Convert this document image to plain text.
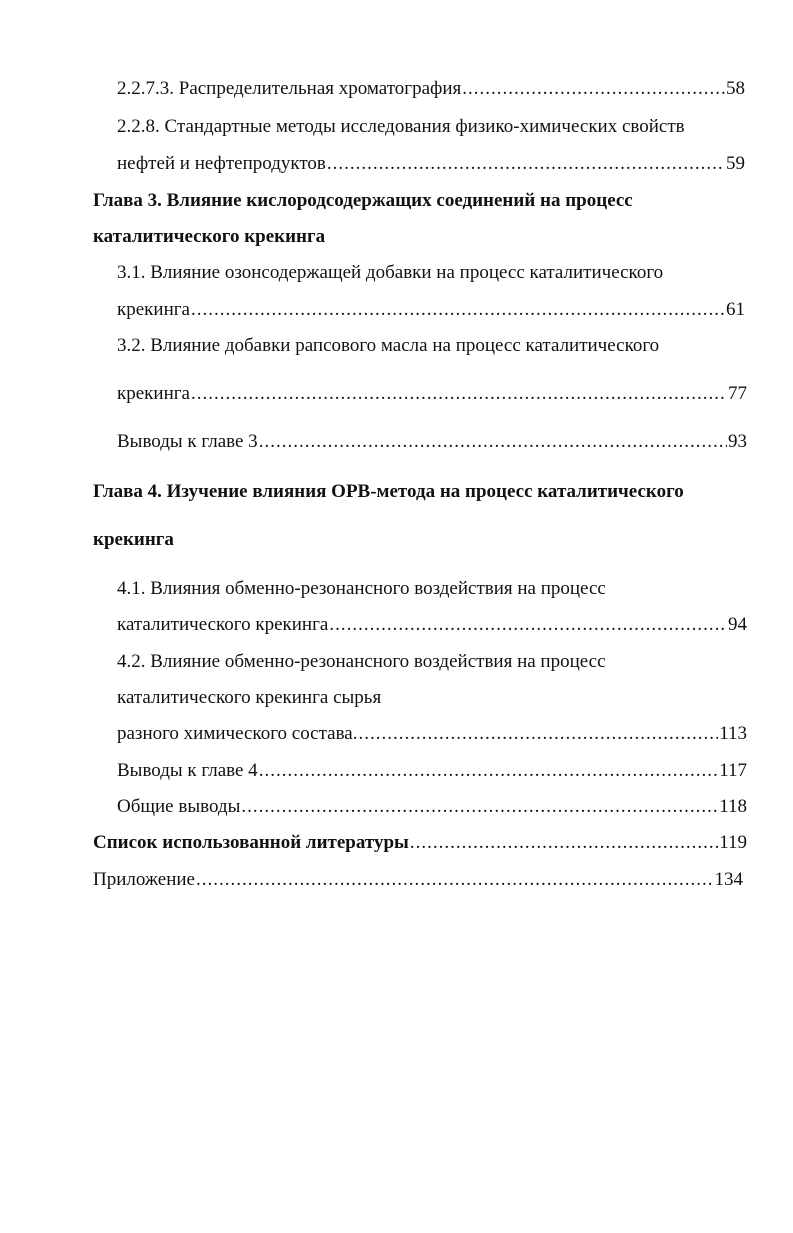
2.2.7.3. Распределительная хроматография .....	58
2.2.8. Стандартные методы исследования физико-химических свойств
нефтей и нефтепродуктов .....	59
Глава 3. Влияние кислородсодержащих соединений на процесс
каталитического крекинга
3.1. Влияние озонсодержащей добавки на процесс каталитического
крекинга .....	61
3.2. Влияние добавки рапсового масла на процесс каталитического
крекинга .....	77
Выводы к главе 3 .....	93
Глава 4. Изучение влияния ОРВ-метода на процесс каталитического
крекинга
4.1. Влияния обменно-резонансного воздействия на процесс
каталитического крекинга .....	94
4.2. Влияние обменно-резонансного воздействия на процесс
каталитического крекинга сырья
разного химического состава. .....	113
Выводы к главе 4 .....	117
Общие выводы .....	118
Список использованной литературы .....	119
Приложение .....	134
